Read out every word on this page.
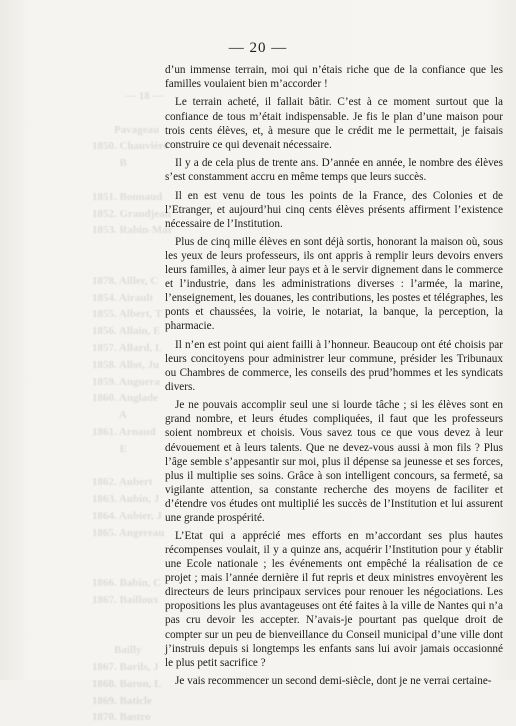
— 18 —

Pavageau
1850. Chauvière
B

1851. Bonnaud
1852. Grandjean
1853. Rabin-Mar

1878. Ailler, C
1854. Airault
1855. Albert, T
1856. Allain, E
1857. Allard, L
1858. Allot, Ju
1859. Anguera
1860. Anglade
A
1861. Arnaud
E

1862. Aubert
1863. Aubin, J
1864. Aubier, J
1865. Angereau

1866. Babin, C
1867. Bailloux

Bailly
1867. Barils, J
1868. Baron, L
1869. Baticle
1870. Bastro

— 20 —

d’un immense terrain, moi qui n’étais riche que de la confiance que les familles voulaient bien m’accorder !

Le terrain acheté, il fallait bâtir. C’est à ce moment surtout que la confiance de tous m’était indispensable. Je fis le plan d’une maison pour trois cents élèves, et, à mesure que le crédit me le permettait, je faisais construire ce qui devenait nécessaire.

Il y a de cela plus de trente ans. D’année en année, le nombre des élèves s’est constamment accru en même temps que leurs succès.

Il en est venu de tous les points de la France, des Colonies et de l’Etranger, et aujourd’hui cinq cents élèves présents affirment l’existence nécessaire de l’Institution.

Plus de cinq mille élèves en sont déjà sortis, honorant la maison où, sous les yeux de leurs professeurs, ils ont appris à remplir leurs devoirs envers leurs familles, à aimer leur pays et à le servir dignement dans le commerce et l’industrie, dans les administrations diverses : l’armée, la marine, l’enseignement, les douanes, les contributions, les postes et télégraphes, les ponts et chaussées, la voirie, le notariat, la banque, la perception, la pharmacie.

Il n’en est point qui aient failli à l’honneur. Beaucoup ont été choisis par leurs concitoyens pour administrer leur commune, présider les Tribunaux ou Chambres de commerce, les conseils des prud’hommes et les syndicats divers.

Je ne pouvais accomplir seul une si lourde tâche ; si les élèves sont en grand nombre, et leurs études compliquées, il faut que les professeurs soient nombreux et choisis. Vous savez tous ce que vous devez à leur dévouement et à leurs talents. Que ne devez-vous aussi à mon fils ? Plus l’âge semble s’appesantir sur moi, plus il dépense sa jeunesse et ses forces, plus il multiplie ses soins. Grâce à son intelligent concours, sa fermeté, sa vigilante attention, sa constante recherche des moyens de faciliter et d’étendre vos études ont multiplié les succès de l’Institution et lui assurent une grande prospérité.

L’Etat qui a apprécié mes efforts en m’accordant ses plus hautes récompenses voulait, il y a quinze ans, acquérir l’Institution pour y établir une Ecole nationale ; les événements ont empêché la réalisation de ce projet ; mais l’année dernière il fut repris et deux ministres envoyèrent les directeurs de leurs principaux services pour renouer les négociations. Les propositions les plus avantageuses ont été faites à la ville de Nantes qui n’a pas cru devoir les accepter. N’avais-je pourtant pas quelque droit de compter sur un peu de bienveillance du Conseil municipal d’une ville dont j’instruis depuis si longtemps les enfants sans lui avoir jamais occasionné le plus petit sacrifice ?

Je vais recommencer un second demi-siècle, dont je ne verrai certaine-
